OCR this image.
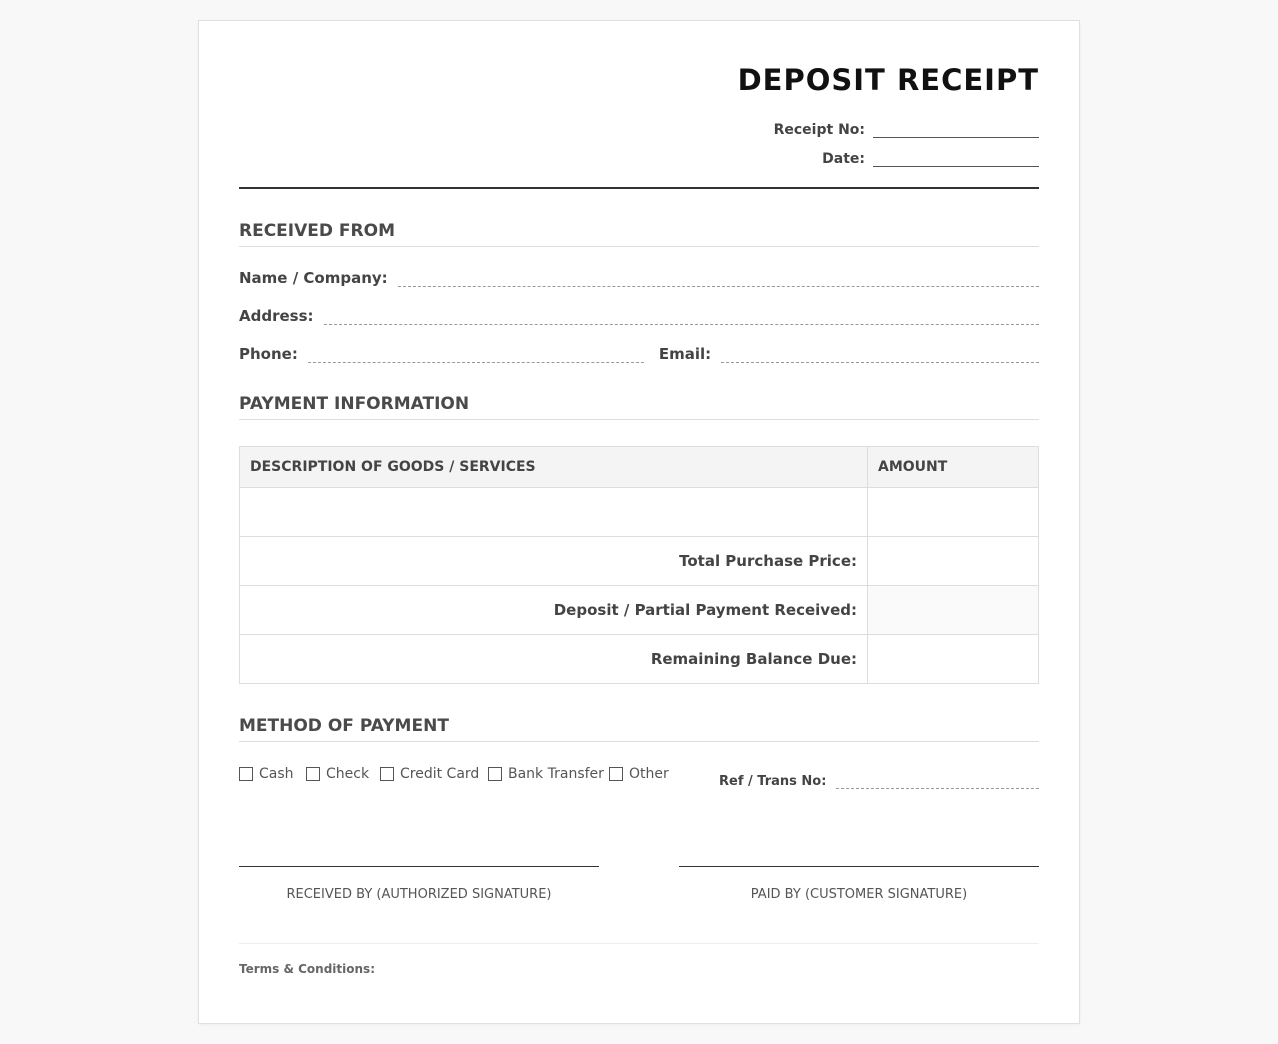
DEPOSIT RECEIPT
Receipt No:
Date:
RECEIVED FROM
Name / Company:
Address:
Phone:	Email:
PAYMENT INFORMATION
DESCRIPTION OF GOODS / SERVICES	AMOUNT

Total Purchase Price:	
Deposit / Partial Payment Received:	
Remaining Balance Due:	
METHOD OF PAYMENT
Cash Check Credit Card Bank Transfer Other	Ref / Trans No:
RECEIVED BY (AUTHORIZED SIGNATURE)	PAID BY (CUSTOMER SIGNATURE)
Terms & Conditions:
